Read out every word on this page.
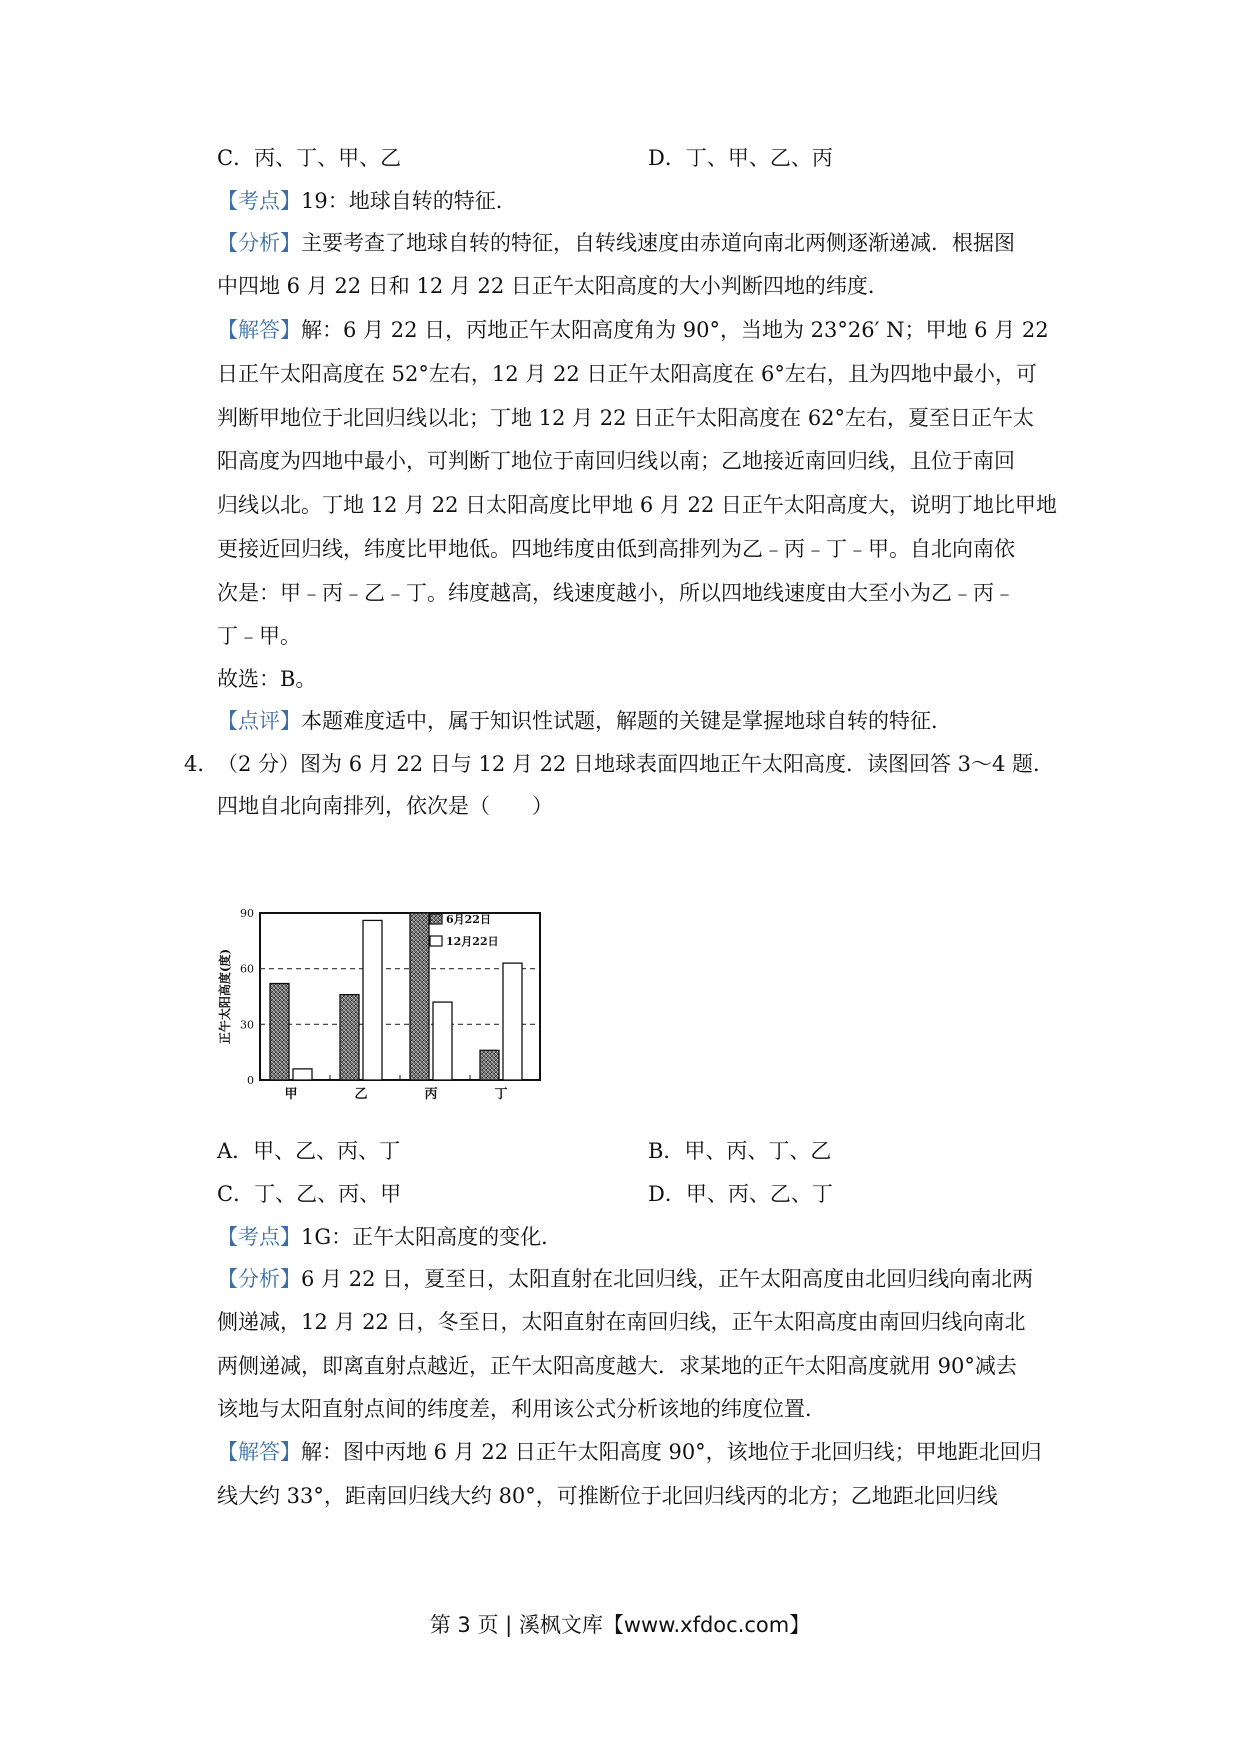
C．丙、丁、甲、乙	D．丁、甲、乙、丙
【考点】19：地球自转的特征．
【分析】主要考查了地球自转的特征，自转线速度由赤道向南北两侧逐渐递减．根据图
中四地 6 月 22 日和 12 月 22 日正午太阳高度的大小判断四地的纬度．
【解答】解：6 月 22 日，丙地正午太阳高度角为 90°，当地为 23°26′ N；甲地 6 月 22
日正午太阳高度在 52°左右，12 月 22 日正午太阳高度在 6°左右，且为四地中最小，可
判断甲地位于北回归线以北；丁地 12 月 22 日正午太阳高度在 62°左右，夏至日正午太
阳高度为四地中最小，可判断丁地位于南回归线以南；乙地接近南回归线，且位于南回
归线以北。丁地 12 月 22 日太阳高度比甲地 6 月 22 日正午太阳高度大，说明丁地比甲地
更接近回归线，纬度比甲地低。四地纬度由低到高排列为乙﹣丙﹣丁﹣甲。自北向南依
次是：甲﹣丙﹣乙﹣丁。纬度越高，线速度越小，所以四地线速度由大至小为乙﹣丙﹣
丁﹣甲。
故选：B。
【点评】本题难度适中，属于知识性试题，解题的关键是掌握地球自转的特征．
4．
（2 分）图为 6 月 22 日与 12 月 22 日地球表面四地正午太阳高度．读图回答 3～4 题．
四地自北向南排列，依次是（　　）
0
30
60
90
正午太阳高度(度)
甲	乙	丙	丁
6月22日
12月22日
A．甲、乙、丙、丁	B．甲、丙、丁、乙
C．丁、乙、丙、甲	D．甲、丙、乙、丁
【考点】1G：正午太阳高度的变化．
【分析】6 月 22 日，夏至日，太阳直射在北回归线，正午太阳高度由北回归线向南北两
侧递减，12 月 22 日，冬至日，太阳直射在南回归线，正午太阳高度由南回归线向南北
两侧递减，即离直射点越近，正午太阳高度越大．求某地的正午太阳高度就用 90°减去
该地与太阳直射点间的纬度差，利用该公式分析该地的纬度位置．
【解答】解：图中丙地 6 月 22 日正午太阳高度 90°，该地位于北回归线；甲地距北回归
线大约 33°，距南回归线大约 80°，可推断位于北回归线丙的北方；乙地距北回归线
第 3 页 | 溪枫文库【www.xfdoc.com】
